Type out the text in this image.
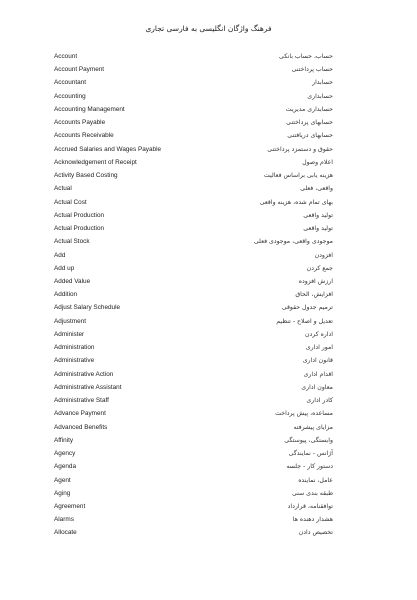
فرهنگ واژگان انگلیسی به فارسی تجاری
Account	حساب، حساب بانکی
Account Payment	حساب پرداختنی
Accountant	حسابدار
Accounting	حسابداری
Accounting Management	حسابداری مدیریت
Accounts Payable	حسابهای پرداختنی
Accounts Receivable	حسابهای دریافتنی
Accrued Salaries and Wages Payable	حقوق و دستمزد پرداختنی
Acknowledgement of Receipt	اعلام وصول
Activity Based Costing	هزینه یابی براساس فعالیت
Actual	واقعی، فعلی
Actual Cost	بهای تمام شده، هزینه واقعی
Actual Production	تولید واقعی
Actual Production	تولید واقعی
Actual Stock	موجودی واقعی، موجودی فعلی
Add	افزودن
Add up	جمع کردن
Added Value	ارزش افزوده
Addition	افزایش، الحاق
Adjust Salary Schedule	ترمیم جدول حقوقی
Adjustment	تعدیل و اصلاح - تنظیم
Administer	اداره کردن
Administration	امور اداری
Administrative	قانون اداری
Administrative Action	اقدام اداری
Administrative Assistant	معاون اداری
Administrative Staff	کادر اداری
Advance Payment	مساعده، پیش پرداخت
Advanced Benefits	مزایای پیشرفته
Affinity	وابستگی، پیوستگی
Agency	آژانس - نمایندگی
Agenda	دستور کار - جلسه
Agent	عامل، نماینده
Aging	طبقه بندی سنی
Agreement	توافقنامه، قرارداد
Alarms	هشدار دهنده ها
Allocate	تخصیص دادن
